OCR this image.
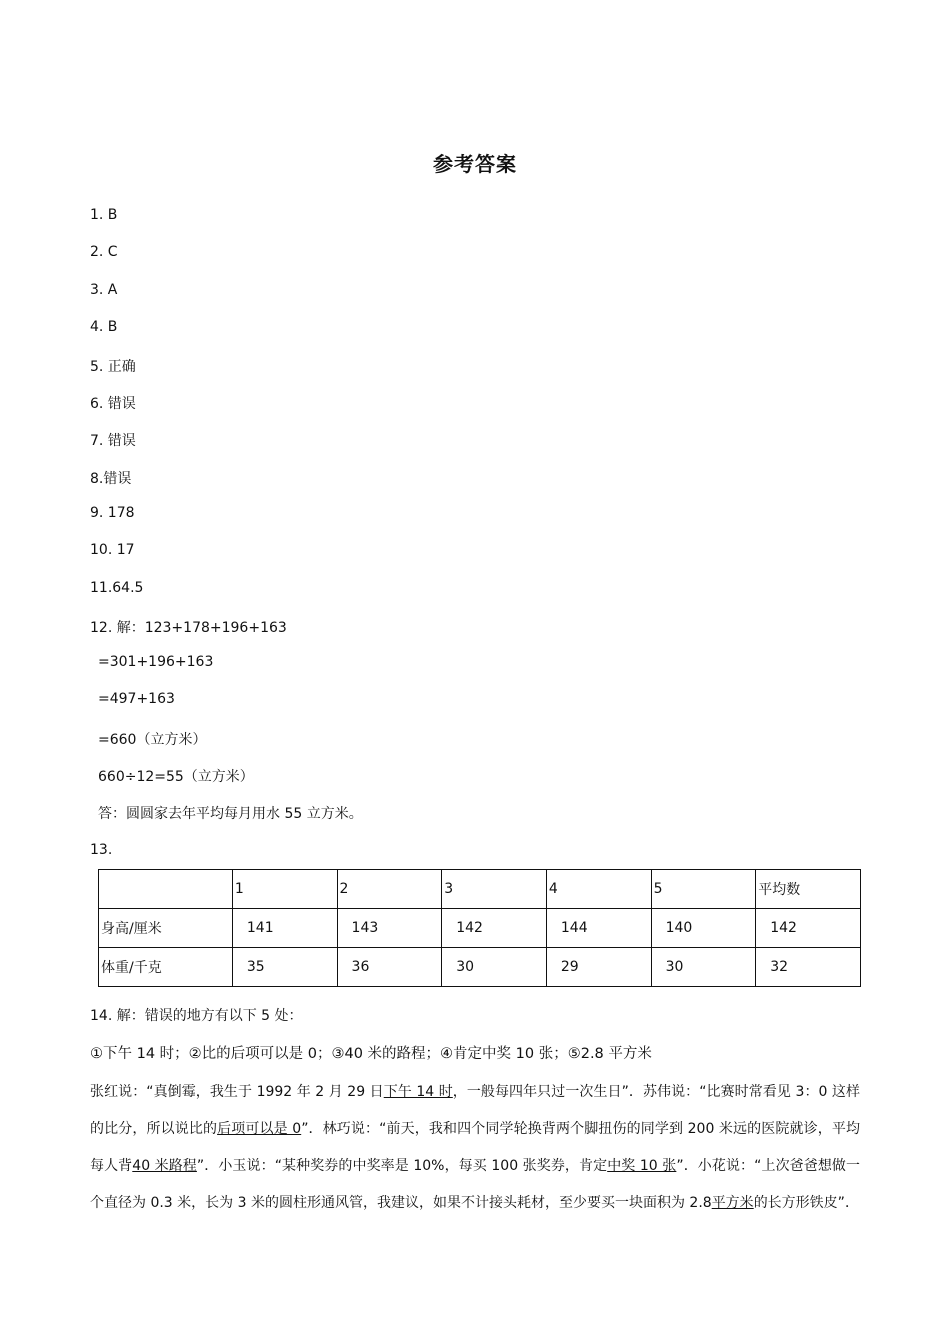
参考答案
1. B
2. C
3. A
4. B
5. 正确
6. 错误
7. 错误
8.错误
9. 178
10. 17
11.64.5
12. 解：123+178+196+163
=301+196+163
=497+163
=660（立方米）
660÷12=55（立方米）
答：圆圆家去年平均每月用水 55 立方米。
13.
	1	2	3	4	5	平均数
身高/厘米	141	143	142	144	140	142
体重/千克	35	36	30	29	30	32
14. 解：错误的地方有以下 5 处：
①下午 14 时；②比的后项可以是 0；③40 米的路程；④肯定中奖 10 张；⑤2.8 平方米
张红说：“真倒霉，我生于 1992 年 2 月 29 日下午 14 时，一般每四年只过一次生日”．苏伟说：“比赛时常看见 3：0 这样的比分，所以说比的后项可以是 0”．林巧说：“前天，我和四个同学轮换背两个脚扭伤的同学到 200 米远的医院就诊，平均每人背40 米路程”．小玉说：“某种奖券的中奖率是 10%，每买 100 张奖券，肯定中奖 10 张”．小花说：“上次爸爸想做一个直径为 0.3 米，长为 3 米的圆柱形通风管，我建议，如果不计接头耗材，至少要买一块面积为 2.8平方米的长方形铁皮”．
